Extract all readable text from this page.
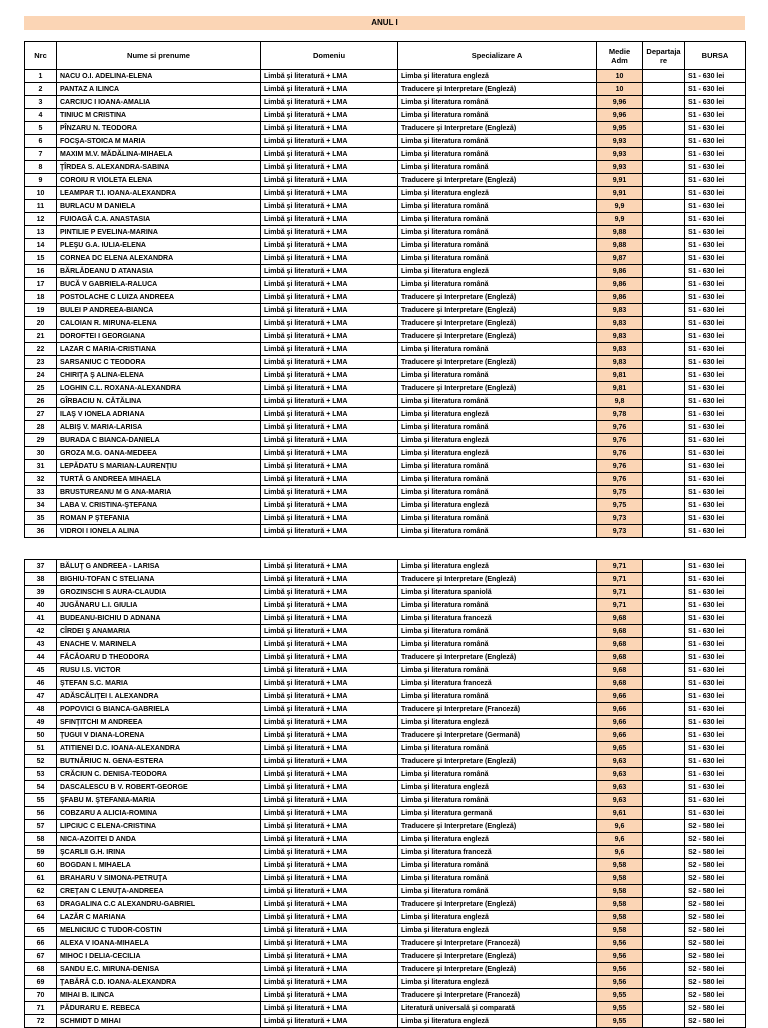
ANUL I
Nrc	Nume si prenume	Domeniu	Specializare A	Medie Adm	Departaja re	BURSA
1	NACU O.I. ADELINA-ELENA	Limbă şi literatură + LMA	Limba şi literatura engleză	10		S1 - 630 lei
2	PANTAZ A ILINCA	Limbă şi literatură + LMA	Traducere şi Interpretare (Engleză)	10		S1 - 630 lei
3	CARCIUC I IOANA-AMALIA	Limbă şi literatură + LMA	Limba şi literatura română	9,96		S1 - 630 lei
4	TINIUC M CRISTINA	Limbă şi literatură + LMA	Limba şi literatura română	9,96		S1 - 630 lei
5	PÎNZARU N. TEODORA	Limbă şi literatură + LMA	Traducere şi Interpretare (Engleză)	9,95		S1 - 630 lei
6	FOCŞA-STOICA M MARIA	Limbă şi literatură + LMA	Limba şi literatura română	9,93		S1 - 630 lei
7	MAXIM M.V. MĂDĂLINA-MIHAELA	Limbă şi literatură + LMA	Limba şi literatura română	9,93		S1 - 630 lei
8	ŢÎRDEA S. ALEXANDRA-SABINA	Limbă şi literatură + LMA	Limba şi literatura română	9,93		S1 - 630 lei
9	COROIU R VIOLETA ELENA	Limbă şi literatură + LMA	Traducere şi Interpretare (Engleză)	9,91		S1 - 630 lei
10	LEAMPAR T.I. IOANA-ALEXANDRA	Limbă şi literatură + LMA	Limba şi literatura engleză	9,91		S1 - 630 lei
11	BURLACU M DANIELA	Limbă şi literatură + LMA	Limba şi literatura română	9,9		S1 - 630 lei
12	FUIOAGĂ C.A. ANASTASIA	Limbă şi literatură + LMA	Limba şi literatura română	9,9		S1 - 630 lei
13	PINTILIE P EVELINA-MARINA	Limbă şi literatură + LMA	Limba şi literatura română	9,88		S1 - 630 lei
14	PLEŞU G.A. IULIA-ELENA	Limbă şi literatură + LMA	Limba şi literatura română	9,88		S1 - 630 lei
15	CORNEA DC ELENA ALEXANDRA	Limbă şi literatură + LMA	Limba şi literatura română	9,87		S1 - 630 lei
16	BĂRLĂDEANU D ATANASIA	Limbă şi literatură + LMA	Limba şi literatura engleză	9,86		S1 - 630 lei
17	BUCĂ V GABRIELA-RALUCA	Limbă şi literatură + LMA	Limba şi literatura română	9,86		S1 - 630 lei
18	POSTOLACHE C LUIZA ANDREEA	Limbă şi literatură + LMA	Traducere şi Interpretare (Engleză)	9,86		S1 - 630 lei
19	BULEI P ANDREEA-BIANCA	Limbă şi literatură + LMA	Traducere şi Interpretare (Engleză)	9,83		S1 - 630 lei
20	CALOIAN R. MIRUNA-ELENA	Limbă şi literatură + LMA	Traducere şi Interpretare (Engleză)	9,83		S1 - 630 lei
21	DOROFTEI I GEORGIANA	Limbă şi literatură + LMA	Traducere şi Interpretare (Engleză)	9,83		S1 - 630 lei
22	LAZAR C MARIA-CRISTIANA	Limbă şi literatură + LMA	Limba şi literatura română	9,83		S1 - 630 lei
23	SARSANIUC C TEODORA	Limbă şi literatură + LMA	Traducere şi Interpretare (Engleză)	9,83		S1 - 630 lei
24	CHIRIŢA Ş ALINA-ELENA	Limbă şi literatură + LMA	Limba şi literatura română	9,81		S1 - 630 lei
25	LOGHIN C.L. ROXANA-ALEXANDRA	Limbă şi literatură + LMA	Traducere şi Interpretare (Engleză)	9,81		S1 - 630 lei
26	GÎRBACIU N. CĂTĂLINA	Limbă şi literatură + LMA	Limba şi literatura română	9,8		S1 - 630 lei
27	ILAŞ V IONELA ADRIANA	Limbă şi literatură + LMA	Limba şi literatura engleză	9,78		S1 - 630 lei
28	ALBIŞ V. MARIA-LARISA	Limbă şi literatură + LMA	Limba şi literatura română	9,76		S1 - 630 lei
29	BURADA C BIANCA-DANIELA	Limbă şi literatură + LMA	Limba şi literatura engleză	9,76		S1 - 630 lei
30	GROZA M.G. OANA-MEDEEA	Limbă şi literatură + LMA	Limba şi literatura engleză	9,76		S1 - 630 lei
31	LEPĂDATU S MARIAN-LAURENŢIU	Limbă şi literatură + LMA	Limba şi literatura română	9,76		S1 - 630 lei
32	TURTĂ G ANDREEA MIHAELA	Limbă şi literatură + LMA	Limba şi literatura română	9,76		S1 - 630 lei
33	BRUSTUREANU M G ANA-MARIA	Limbă şi literatură + LMA	Limba şi literatura română	9,75		S1 - 630 lei
34	LABA V. CRISTINA-ŞTEFANA	Limbă şi literatură + LMA	Limba şi literatura engleză	9,75		S1 - 630 lei
35	ROMAN P ŞTEFANIA	Limbă şi literatură + LMA	Limba şi literatura română	9,73		S1 - 630 lei
36	VIDROI I IONELA ALINA	Limbă şi literatură + LMA	Limba şi literatura română	9,73		S1 - 630 lei
37	BĂLUŢ G ANDREEA - LARISA	Limbă şi literatură + LMA	Limba şi literatura engleză	9,71		S1 - 630 lei
38	BIGHIU-TOFAN C STELIANA	Limbă şi literatură + LMA	Traducere şi Interpretare (Engleză)	9,71		S1 - 630 lei
39	GROZINSCHI S AURA-CLAUDIA	Limbă şi literatură + LMA	Limba şi literatura spaniolă	9,71		S1 - 630 lei
40	JUGĂNARU L.I. GIULIA	Limbă şi literatură + LMA	Limba şi literatura română	9,71		S1 - 630 lei
41	BUDEANU-BICHIU D ADNANA	Limbă şi literatură + LMA	Limba şi literatura franceză	9,68		S1 - 630 lei
42	CÎRDEI Ş ANAMARIA	Limbă şi literatură + LMA	Limba şi literatura română	9,68		S1 - 630 lei
43	ENACHE V. MARINELA	Limbă şi literatură + LMA	Limba şi literatura română	9,68		S1 - 630 lei
44	FĂCĂOARU D THEODORA	Limbă şi literatură + LMA	Traducere şi Interpretare (Engleză)	9,68		S1 - 630 lei
45	RUSU I.S. VICTOR	Limbă şi literatură + LMA	Limba şi literatura română	9,68		S1 - 630 lei
46	ŞTEFAN S.C. MARIA	Limbă şi literatură + LMA	Limba şi literatura franceză	9,68		S1 - 630 lei
47	ADĂSCĂLIŢEI I. ALEXANDRA	Limbă şi literatură + LMA	Limba şi literatura română	9,66		S1 - 630 lei
48	POPOVICI G BIANCA-GABRIELA	Limbă şi literatură + LMA	Traducere şi Interpretare (Franceză)	9,66		S1 - 630 lei
49	SFINŢITCHI M ANDREEA	Limbă şi literatură + LMA	Limba şi literatura engleză	9,66		S1 - 630 lei
50	ŢUGUI V DIANA-LORENA	Limbă şi literatură + LMA	Traducere şi Interpretare (Germană)	9,66		S1 - 630 lei
51	ATITIENEI D.C. IOANA-ALEXANDRA	Limbă şi literatură + LMA	Limba şi literatura română	9,65		S1 - 630 lei
52	BUTNĂRIUC N. GENA-ESTERA	Limbă şi literatură + LMA	Traducere şi Interpretare (Engleză)	9,63		S1 - 630 lei
53	CRĂCIUN C. DENISA-TEODORA	Limbă şi literatură + LMA	Limba şi literatura română	9,63		S1 - 630 lei
54	DASCALESCU B V. ROBERT-GEORGE	Limbă şi literatură + LMA	Limba şi literatura engleză	9,63		S1 - 630 lei
55	ŞFABU M. ŞTEFANIA-MARIA	Limbă şi literatură + LMA	Limba şi literatura română	9,63		S1 - 630 lei
56	COBZARU A ALICIA-ROMINA	Limbă şi literatură + LMA	Limba şi literatura germană	9,61		S1 - 630 lei
57	LIPCIUC C ELENA-CRISTINA	Limbă şi literatură + LMA	Traducere şi Interpretare (Engleză)	9,6		S2 - 580 lei
58	NICA-AZOITEI D ANDA	Limbă şi literatură + LMA	Limba şi literatura engleză	9,6		S2 - 580 lei
59	ŞCARLII G.H. IRINA	Limbă şi literatură + LMA	Limba şi literatura franceză	9,6		S2 - 580 lei
60	BOGDAN I. MIHAELA	Limbă şi literatură + LMA	Limba şi literatura română	9,58		S2 - 580 lei
61	BRAHARU V SIMONA-PETRUŢA	Limbă şi literatură + LMA	Limba şi literatura română	9,58		S2 - 580 lei
62	CREŢAN C LENUŢA-ANDREEA	Limbă şi literatură + LMA	Limba şi literatura română	9,58		S2 - 580 lei
63	DRAGALINA C.C ALEXANDRU-GABRIEL	Limbă şi literatură + LMA	Traducere şi Interpretare (Engleză)	9,58		S2 - 580 lei
64	LAZĂR C MARIANA	Limbă şi literatură + LMA	Limba şi literatura engleză	9,58		S2 - 580 lei
65	MELNICIUC C TUDOR-COSTIN	Limbă şi literatură + LMA	Limba şi literatura engleză	9,58		S2 - 580 lei
66	ALEXA V IOANA-MIHAELA	Limbă şi literatură + LMA	Traducere şi Interpretare (Franceză)	9,56		S2 - 580 lei
67	MIHOC I DELIA-CECILIA	Limbă şi literatură + LMA	Traducere şi Interpretare (Engleză)	9,56		S2 - 580 lei
68	SANDU E.C. MIRUNA-DENISA	Limbă şi literatură + LMA	Traducere şi Interpretare (Engleză)	9,56		S2 - 580 lei
69	ŢABĂRĂ C.D. IOANA-ALEXANDRA	Limbă şi literatură + LMA	Limba şi literatura engleză	9,56		S2 - 580 lei
70	MIHAI B. ILINCA	Limbă şi literatură + LMA	Traducere şi Interpretare (Franceză)	9,55		S2 - 580 lei
71	PĂDURARU E. REBECA	Limbă şi literatură + LMA	Literatură universală şi comparată	9,55		S2 - 580 lei
72	SCHMIDT D MIHAI	Limbă şi literatură + LMA	Limba şi literatura engleză	9,55		S2 - 580 lei
